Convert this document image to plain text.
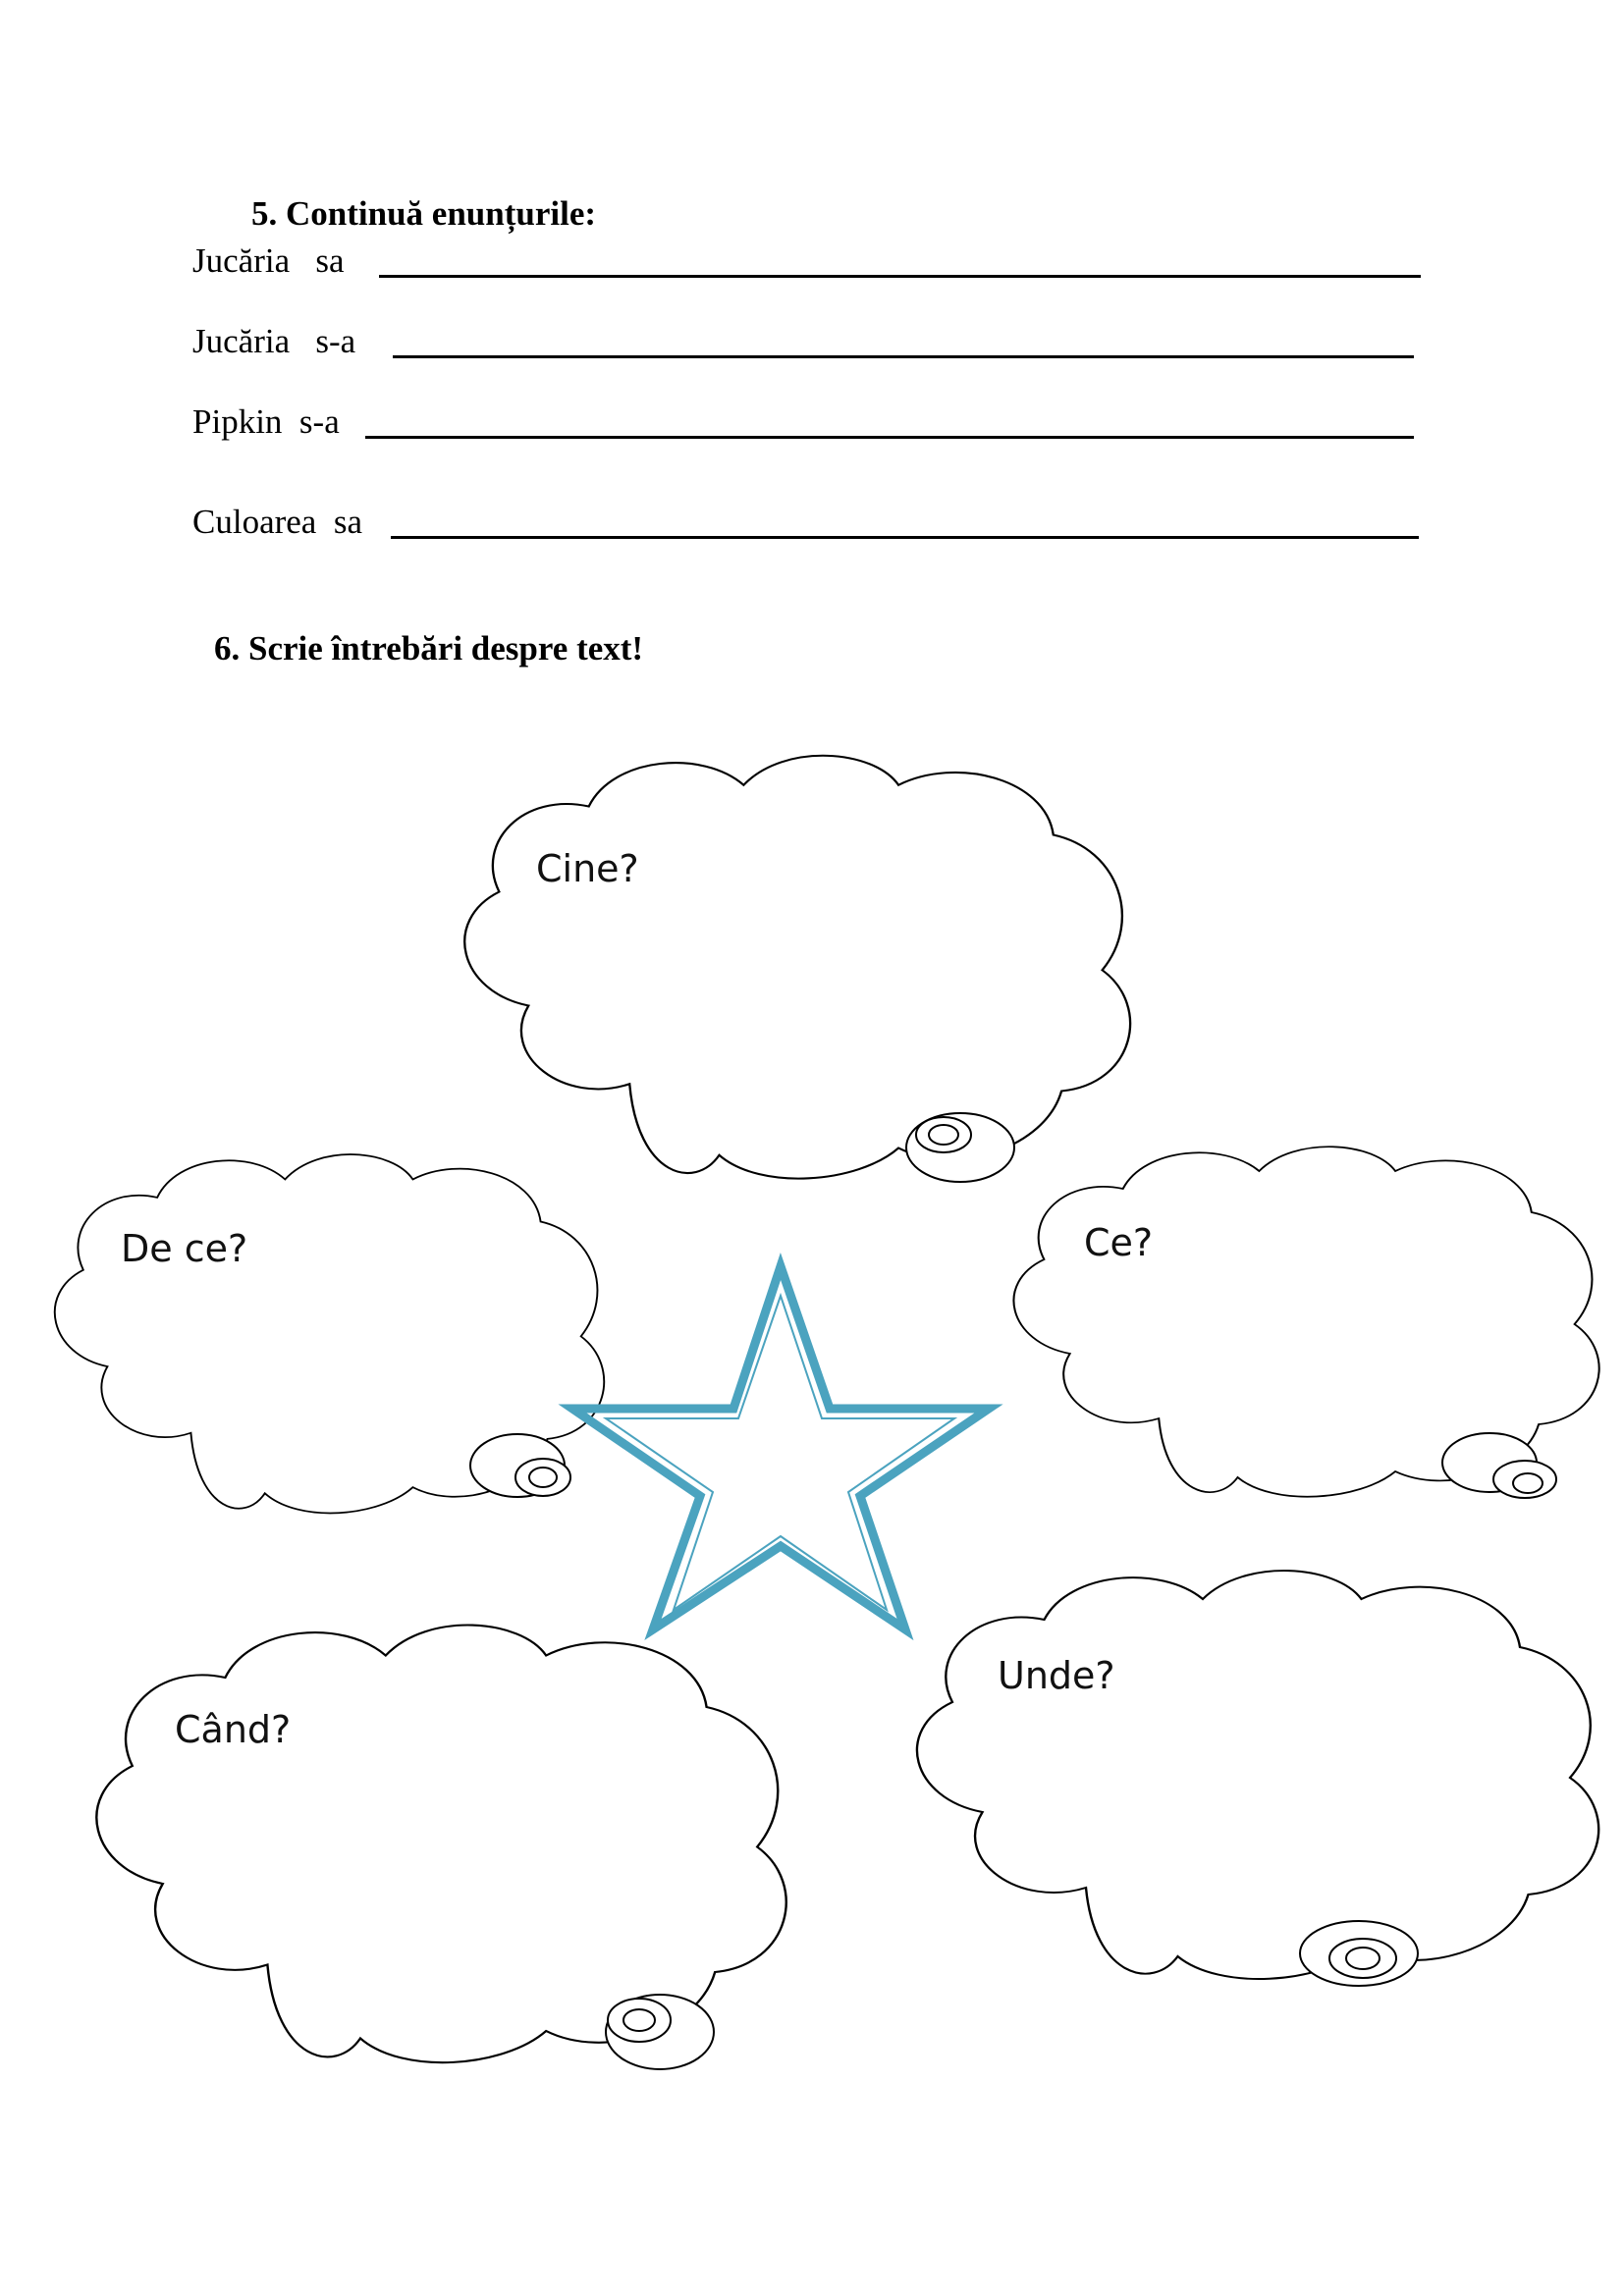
5. Continuă enunțurile:
Jucăria   sa
Jucăria   s-a
Pipkin  s-a
Culoarea  sa
6. Scrie întrebări despre text!
Cine?
De ce?	Ce?
Când?
Unde?
